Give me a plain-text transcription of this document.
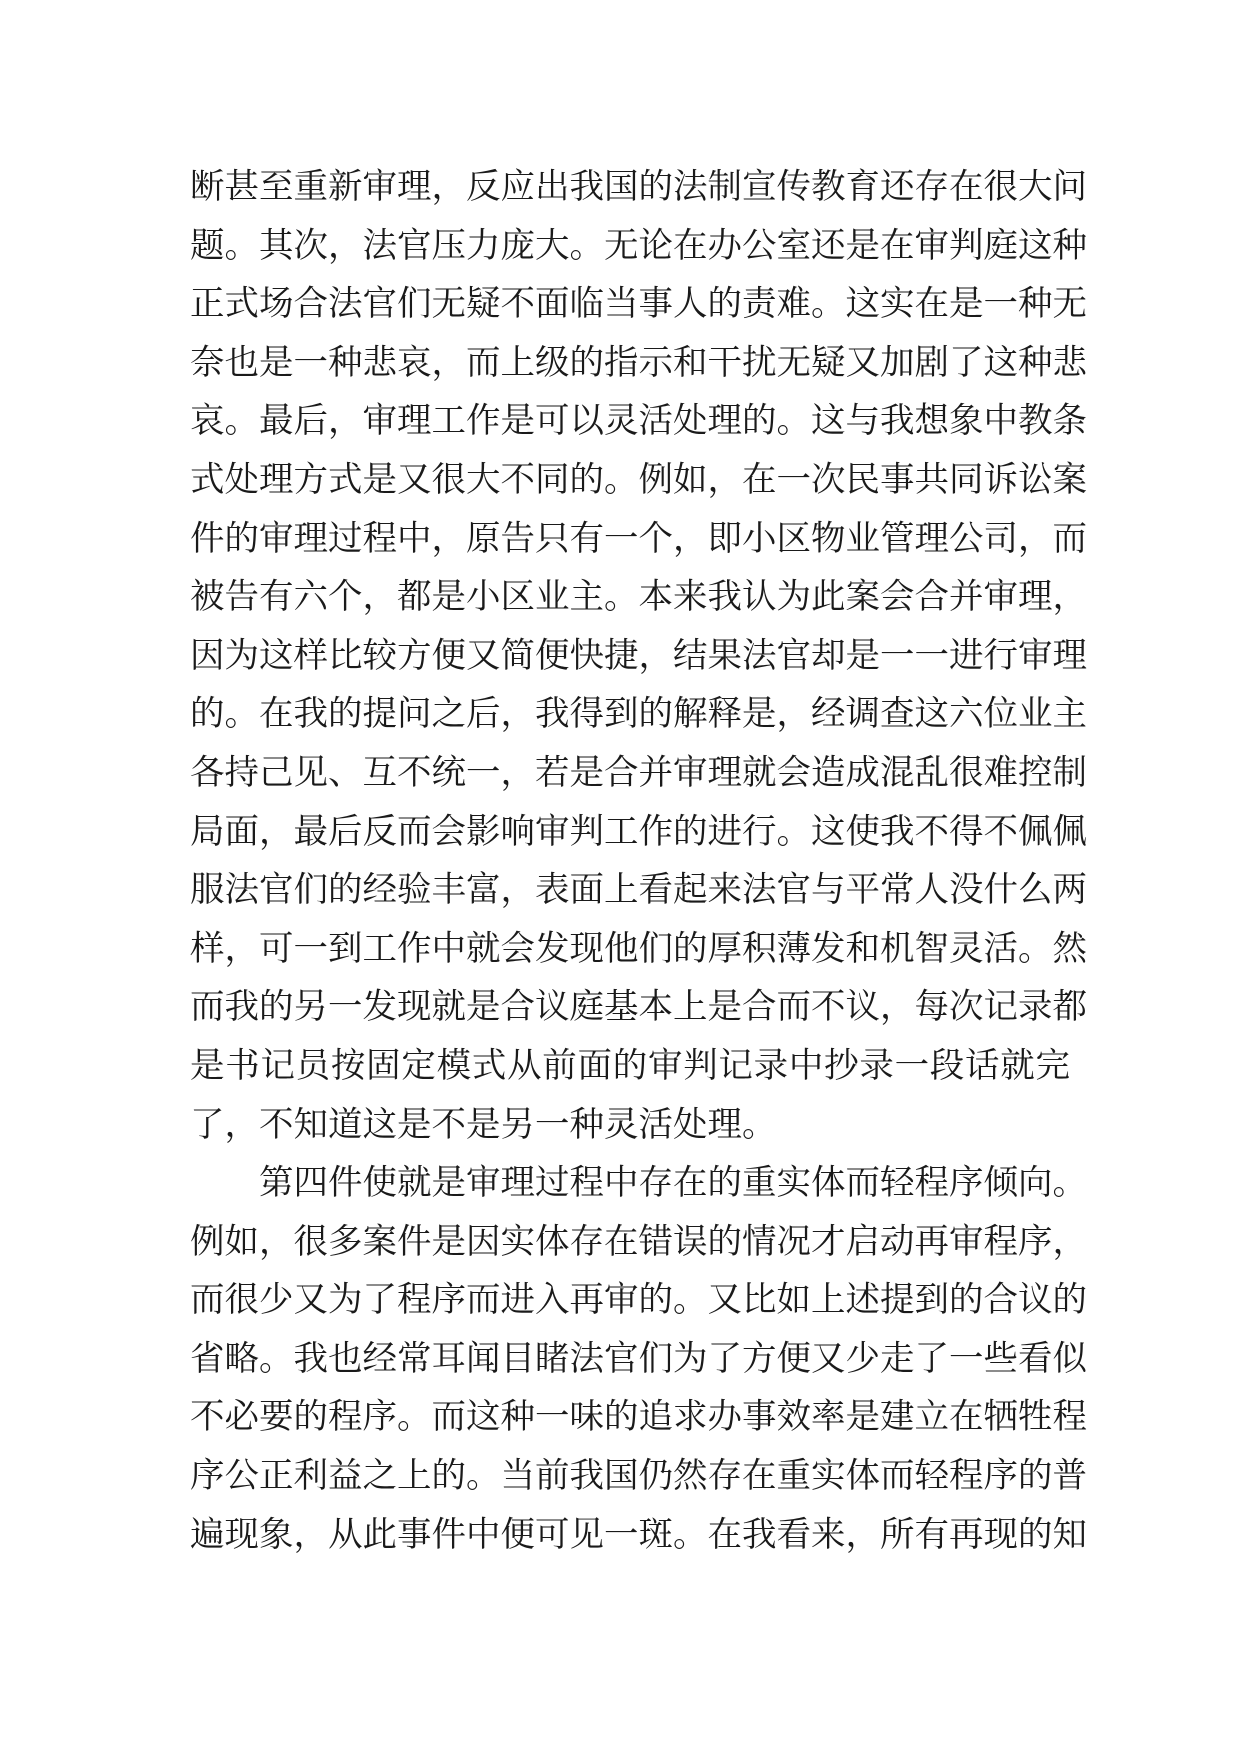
断甚至重新审理，反应出我国的法制宣传教育还存在很大问
题。其次，法官压力庞大。无论在办公室还是在审判庭这种
正式场合法官们无疑不面临当事人的责难。这实在是一种无
奈也是一种悲哀，而上级的指示和干扰无疑又加剧了这种悲
哀。最后，审理工作是可以灵活处理的。这与我想象中教条
式处理方式是又很大不同的。例如，在一次民事共同诉讼案
件的审理过程中，原告只有一个，即小区物业管理公司，而
被告有六个，都是小区业主。本来我认为此案会合并审理，
因为这样比较方便又简便快捷，结果法官却是一一进行审理
的。在我的提问之后，我得到的解释是，经调查这六位业主
各持己见、互不统一，若是合并审理就会造成混乱很难控制
局面，最后反而会影响审判工作的进行。这使我不得不佩佩
服法官们的经验丰富，表面上看起来法官与平常人没什么两
样，可一到工作中就会发现他们的厚积薄发和机智灵活。然
而我的另一发现就是合议庭基本上是合而不议，每次记录都
是书记员按固定模式从前面的审判记录中抄录一段话就完
了，不知道这是不是另一种灵活处理。
第四件使就是审理过程中存在的重实体而轻程序倾向。
例如，很多案件是因实体存在错误的情况才启动再审程序，
而很少又为了程序而进入再审的。又比如上述提到的合议的
省略。我也经常耳闻目睹法官们为了方便又少走了一些看似
不必要的程序。而这种一味的追求办事效率是建立在牺牲程
序公正利益之上的。当前我国仍然存在重实体而轻程序的普
遍现象，从此事件中便可见一斑。在我看来，所有再现的知
